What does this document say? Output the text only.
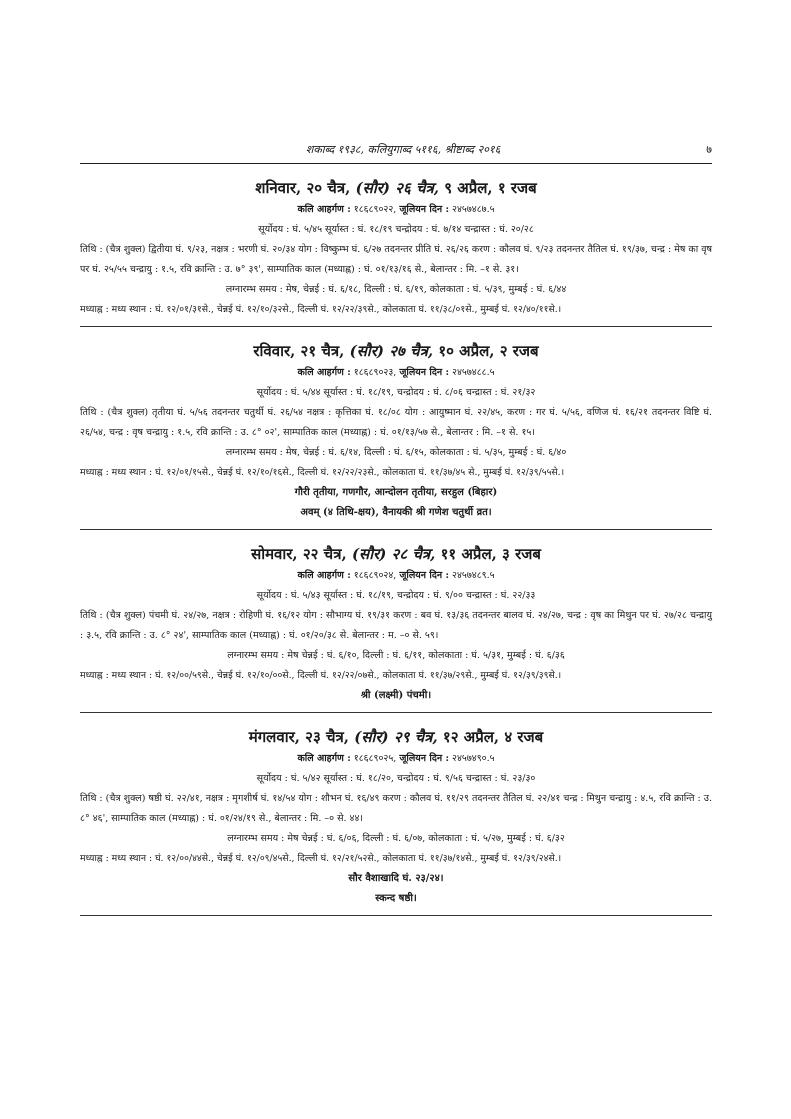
शकाब्द १९३८, कलियुगाब्द ५११६, श्रीष्टाब्द २०१६	७
शनिवार, २० चैत्र, (सौर) २६ चैत्र, ९ अप्रैल, १ रजब
कलि आहर्गण : १८६८९०२२, जूलियन दिन : २४५७४८७.५
सूर्योदय : घं. ५/४५ सूर्यास्त : घं. १८/१९ चन्द्रोदय : घं. ७/१४ चन्द्रास्त : घं. २०/२८

तिथि : (चैत्र शुक्ल) द्वितीया घं. ९/२३, नक्षत्र : भरणी घं. २०/३४ योग : विष्कुम्भ घं. ६/२७ तदनन्तर प्रीति घं. २६/२६ करण : कौलव घं. ९/२३ तदनन्तर तैतिल घं. १९/३७, चन्द्र : मेष का वृष पर घं. २५/५५ चन्द्रायु : १.५, रवि क्रान्ति : उ. ७° ३९', साम्पातिक काल (मध्याह्न) : घं. ०१/१३/१६ से., बेलान्तर : मि. –१ से. ३१।

लग्नारम्भ समय : मेष, चेन्नई : घं. ६/१८, दिल्ली : घं. ६/१९, कोलकाता : घं. ५/३९, मुम्बई : घं. ६/४४
मध्याह्न : मध्य स्थान : घं. १२/०१/३१से., चेन्नई घं. १२/१०/३२से., दिल्ली घं. १२/२२/३९से., कोलकाता घं. ११/३८/०१से., मुम्बई घं. १२/४०/११से.।
रविवार, २१ चैत्र, (सौर) २७ चैत्र, १० अप्रैल, २ रजब
कलि आहर्गण : १८६८९०२३, जूलियन दिन : २४५७४८८.५
सूर्योदय : घं. ५/४४ सूर्यास्त : घं. १८/१९, चन्द्रोदय : घं. ८/०६ चन्द्रास्त : घं. २१/३२

तिथि : (चैत्र शुक्ल) तृतीया घं. ५/५६ तदनन्तर चतुर्थी घं. २६/५४ नक्षत्र : कृत्तिका घं. १८/०८ योग : आयुष्मान घं. २२/४५, करण : गर घं. ५/५६, वणिज घं. १६/२१ तदनन्तर विष्टि घं. २६/५४, चन्द्र : वृष चन्द्रायु : १.५, रवि क्रान्ति : उ. ८° ०२', साम्पातिक काल (मध्याह्न) : घं. ०१/१३/५७ से., बेलान्तर : मि. –१ से. १५।

लग्नारम्भ समय : मेष, चेन्नई : घं. ६/१४, दिल्ली : घं. ६/१५, कोलकाता : घं. ५/३५, मुम्बई : घं. ६/४०
मध्याह्न : मध्य स्थान : घं. १२/०१/१५से., चेन्नई घं. १२/१०/१६से., दिल्ली घं. १२/२२/२३से., कोलकाता घं. ११/३७/४५ से., मुम्बई घं. १२/३९/५५से.।
गौरी तृतीया, गणगौर, आन्दोलन तृतीया, सरहुल (बिहार)
अवम् (४ तिथि-क्षय), वैनायकी श्री गणेश चतुर्थी व्रत।
सोमवार, २२ चैत्र, (सौर) २८ चैत्र, ११ अप्रैल, ३ रजब
कलि आहर्गण : १८६८९०२४, जूलियन दिन : २४५७४८९.५
सूर्योदय : घं. ५/४३ सूर्यास्त : घं. १८/१९, चन्द्रोदय : घं. ९/०० चन्द्रास्त : घं. २२/३३

तिथि : (चैत्र शुक्ल) पंचमी घं. २४/२७, नक्षत्र : रोहिणी घं. १६/१२ योग : सौभाग्य घं. १९/३१ करण : बव घं. १३/३६ तदनन्तर बालव घं. २४/२७, चन्द्र : वृष का मिथुन पर घं. २७/२८ चन्द्रायु : ३.५, रवि क्रान्ति : उ. ८° २४', साम्पातिक काल (मध्याह्न) : घं. ०१/२०/३८ से. बेलान्तर : म. –० से. ५९।

लग्नारम्भ समय : मेष चेन्नई : घं. ६/१०, दिल्ली : घं. ६/११, कोलकाता : घं. ५/३१, मुम्बई : घं. ६/३६
मध्याह्न : मध्य स्थान : घं. १२/००/५९से., चेन्नई घं. १२/१०/००से., दिल्ली घं. १२/२२/०७से., कोलकाता घं. ११/३७/२९से., मुम्बई घं. १२/३९/३९से.।
श्री (लक्ष्मी) पंचमी।
मंगलवार, २३ चैत्र, (सौर) २९ चैत्र, १२ अप्रैल, ४ रजब
कलि आहर्गण : १८६८९०२५, जूलियन दिन : २४५७४९०.५
सूर्योदय : घं. ५/४२ सूर्यास्त : घं. १८/२०, चन्द्रोदय : घं. ९/५६ चन्द्रास्त : घं. २३/३०

तिथि : (चैत्र शुक्ल) षष्ठी घं. २२/४१, नक्षत्र : मृगशीर्ष घं. १४/५४ योग : शौभन घं. १६/४९ करण : कौलव घं. ११/२९ तदनन्तर तैतिल घं. २२/४१ चन्द्र : मिथुन चन्द्रायु : ४.५, रवि क्रान्ति : उ. ८° ४६', साम्पातिक काल (मध्याह्न) : घं. ०१/२४/१९ से., बेलान्तर : मि. –० से. ४४।

लग्नारम्भ समय : मेष चेन्नई : घं. ६/०६, दिल्ली : घं. ६/०७, कोलकाता : घं. ५/२७, मुम्बई : घं. ६/३२
मध्याह्न : मध्य स्थान : घं. १२/००/४४से., चेन्नई घं. १२/०९/४५से., दिल्ली घं. १२/२१/५२से., कोलकाता घं. ११/३७/१४से., मुम्बई घं. १२/३९/२४से.।
सौर वैशाखादि घं. २३/२४।
स्कन्द षष्ठी।
